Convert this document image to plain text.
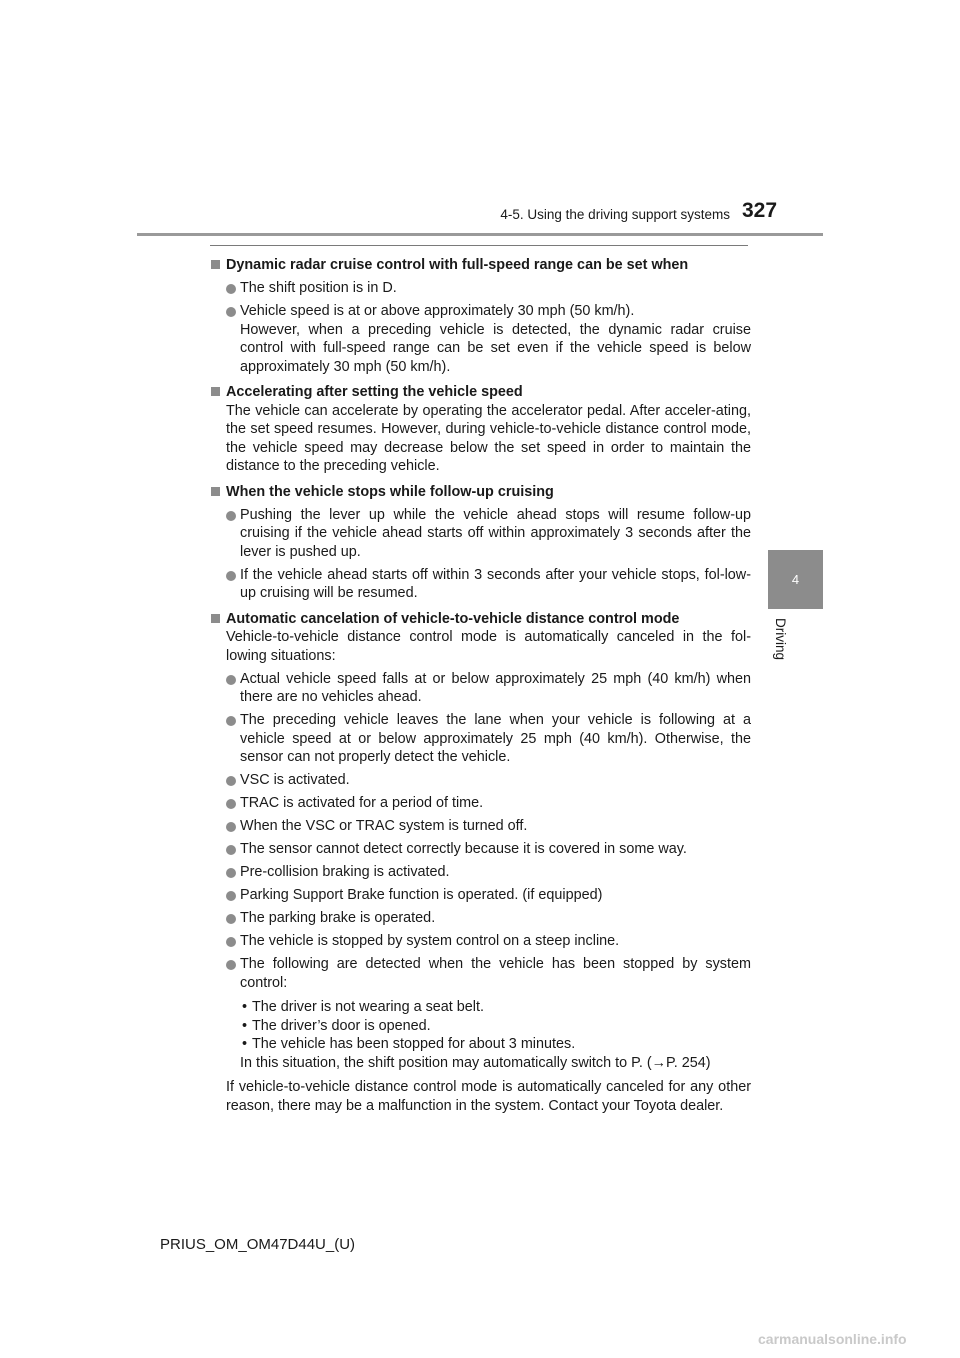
4-5. Using the driving support systems 327
4
Driving
Dynamic radar cruise control with full-speed range can be set when
The shift position is in D.
Vehicle speed is at or above approximately 30 mph (50 km/h).
However, when a preceding vehicle is detected, the dynamic radar cruise control with full-speed range can be set even if the vehicle speed is below approximately 30 mph (50 km/h).
Accelerating after setting the vehicle speed
The vehicle can accelerate by operating the accelerator pedal. After acceler-ating, the set speed resumes. However, during vehicle-to-vehicle distance control mode, the vehicle speed may decrease below the set speed in order to maintain the distance to the preceding vehicle.
When the vehicle stops while follow-up cruising
Pushing the lever up while the vehicle ahead stops will resume follow-up cruising if the vehicle ahead starts off within approximately 3 seconds after the lever is pushed up.
If the vehicle ahead starts off within 3 seconds after your vehicle stops, fol-low-up cruising will be resumed.
Automatic cancelation of vehicle-to-vehicle distance control mode
Vehicle-to-vehicle distance control mode is automatically canceled in the fol-lowing situations:
Actual vehicle speed falls at or below approximately 25 mph (40 km/h) when there are no vehicles ahead.
The preceding vehicle leaves the lane when your vehicle is following at a vehicle speed at or below approximately 25 mph (40 km/h). Otherwise, the sensor can not properly detect the vehicle.
VSC is activated.
TRAC is activated for a period of time.
When the VSC or TRAC system is turned off.
The sensor cannot detect correctly because it is covered in some way.
Pre-collision braking is activated.
Parking Support Brake function is operated. (if equipped)
The parking brake is operated.
The vehicle is stopped by system control on a steep incline.
The following are detected when the vehicle has been stopped by system control:
• The driver is not wearing a seat belt.
• The driver’s door is opened.
• The vehicle has been stopped for about 3 minutes.
In this situation, the shift position may automatically switch to P. (→P. 254)
If vehicle-to-vehicle distance control mode is automatically canceled for any other reason, there may be a malfunction in the system. Contact your Toyota dealer.
PRIUS_OM_OM47D44U_(U)
carmanualsonline.info
